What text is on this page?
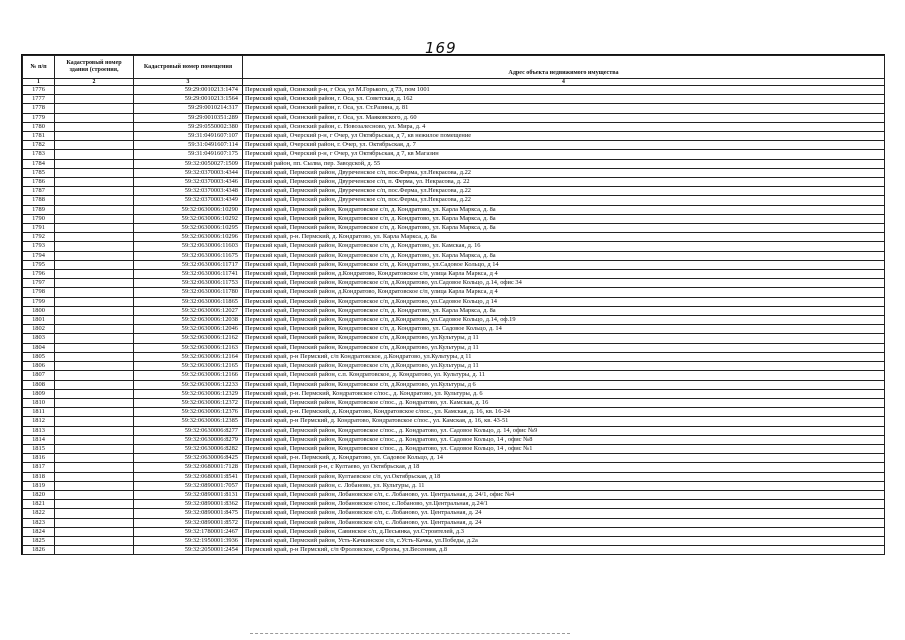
169
№ п/п	Кадастровый номер здания (строения,	Кадастровый номер помещения	Адрес объекта недвижимого имущества
1	2	3	4
1776		59:29:0010213:1474	Пермский край, Осинский р-н, г Оса, ул М.Горького, д 73, пом 1001
1777		59:29:0010213:1564	Пермский край, Осинский район, г. Оса, ул. Советская, д. 162
1778		59:29:0010214:317	Пермский край, Осинский район, г. Оса, ул. Ст.Разина, д. 81
1779		59:29:0010351:289	Пермский край, Осинский район, г. Оса, ул. Маяковского, д. 60
1780		59:29:0550002:380	Пермский край, Осинский район, с. Новозалесново, ул. Мира, д. 4
1781		59:31:0491607:107	Пермский край, Очерский р-н, г Очер, ул Октябрьская, д 7, кв нежилое помещение
1782		59:31:0491607:114	Пермский край, Очерский район, г. Очер, ул. Октябрьская, д. 7
1783		59:31:0491607:175	Пермский край, Очерский р-н, г Очер, ул Октябрьская, д 7, кв Магазин
1784		59:32:0050027:1509	Пермский район, пп. Сылва, пер. Заводской, д. 55
1785		59:32:0370003:4344	Пермский край, Пермский район, Двуреченское с/п, пос.Ферма, ул.Некрасова, д.22
1786		59:32:0370003:4346	Пермский край, Пермский район, Двуреченское с/п, п. Ферма, ул. Некрасова, д. 22
1787		59:32:0370003:4348	Пермский край, Пермский район, Двуреченское с/п, пос.Ферма, ул.Некрасова, д.22
1788		59:32:0370003:4349	Пермский край, Пермский район, Двуреченское с/п, пос.Ферма, ул.Некрасова, д.22
1789		59:32:0630006:10290	Пермский край, Пермский район, Кондратовское с/п, д. Кондратово, ул. Карла Маркса, д. 8а
1790		59:32:0630006:10292	Пермский край, Пермский район, Кондратовское с/п, д. Кондратово, ул. Карла Маркса, д. 8а
1791		59:32:0630006:10295	Пермский край, Пермский район, Кондратовское с/п, д. Кондратово, ул. Карла Маркса, д. 8а
1792		59:32:0630006:10296	Пермский край, р-н. Пермский, д. Кондратово, ул. Карла Маркса, д. 8а
1793		59:32:0630006:11603	Пермский край, Пермский район, Кондратовское с/п, д. Кондратово, ул. Камская, д. 16
1794		59:32:0630006:11675	Пермский край, Пермский район, Кондратовское с/п, д. Кондратово, ул. Карла Маркса, д. 8а
1795		59:32:0630006:11717	Пермский край, Пермский район, Кондратовское с/п, д. Кондратово, ул.Садовое Кольцо, д 14
1796		59:32:0630006:11741	Пермский край, Пермский район, д.Кондратово, Кондратовское с/п, улица Карла Маркса, д 4
1797		59:32:0630006:11753	Пермский край, Пермский район, Кондратовское с/п, д.Кондратово, ул.Садовое Кольцо, д.14, офис 34
1798		59:32:0630006:11780	Пермский край, Пермский район, д.Кондратово, Кондратовское с/п, улица Карла Маркса, д 4
1799		59:32:0630006:11865	Пермский край, Пермский район, Кондратовское с/п, д.Кондратово, ул.Садовое Кольцо, д 14
1800		59:32:0630006:12027	Пермский край, Пермский район, Кондратовское с/п, д. Кондратово, ул. Карла Маркса, д. 8а
1801		59:32:0630006:12038	Пермский край, Пермский район, Кондратовское с/п, д.Кондратово, ул.Садовое Кольцо, д.14, оф.19
1802		59:32:0630006:12046	Пермский край, Пермский район, Кондратовское с/п, д. Кондратово, ул. Садовое Кольцо, д. 14
1803		59:32:0630006:12162	Пермский край, Пермский район, Кондратовское с/п, д.Кондратово, ул.Культуры, д 11
1804		59:32:0630006:12163	Пермский край, Пермский район, Кондратовское с/п, д.Кондратово, ул.Культуры, д 11
1805		59:32:0630006:12164	Пермский край, р-н Пермский, с/п Кондратовское, д.Кондратово, ул.Культуры, д 11
1806		59:32:0630006:12165	Пермский край, Пермский район, Кондратовское с/п, д.Кондратово, ул.Культуры, д 11
1807		59:32:0630006:12166	Пермский край, Пермский район, с.п. Кондратовское, д. Кондратово, ул. Культуры, д. 11
1808		59:32:0630006:12233	Пермский край, Пермский район, Кондратовское с/п, д.Кондратово, ул.Культуры, д 6
1809		59:32:0630006:12329	Пермский край, р-н. Пермский, Кондратовское с/пос., д. Кондратово, ул. Культуры, д. 6
1810		59:32:0630006:12372	Пермский край, Пермский район, Кондратовское с/пос., д. Кондратово, ул. Камская, д. 16
1811		59:32:0630006:12376	Пермский край, р-н. Пермский, д. Кондратово, Кондратовское с/пос., ул. Камская, д. 16, кв. 16-24
1812		59:32:0630006:12385	Пермский край, р-н Пермский, д. Кондратово, Кондратовское с/пос., ул. Камская, д. 16, кв. 43-51
1813		59:32:0630006:8277	Пермский край, Пермский район, Кондратовское с/пос., д. Кондратово, ул. Садовое Кольцо, д. 14, офис №9
1814		59:32:0630006:8279	Пермский край, Пермский район, Кондратовское с/пос., д. Кондратово, ул. Садовое Кольцо, 14 , офис №8
1815		59:32:0630006:8282	Пермский край, Пермский район, Кондратовское с/пос., д. Кондратово, ул. Садовое Кольцо, 14 , офис №1
1816		59:32:0630006:8425	Пермский край, р-н. Пермский, д. Кондратово, ул. Садовое Кольцо, д. 14
1817		59:32:0680001:7128	Пермский край, Пермский р-н, с Култаево, ул Октябрьская, д 18
1818		59:32:0680001:8541	Пермский край, Пермский район, Култаевское с/п, ул.Октябрьская, д 18
1819		59:32:0890001:7057	Пермский край, Пермский район, с. Лобаново, ул. Культуры, д. 11
1820		59:32:0890001:8131	Пермский край, Пермский район, Лобановское с/п, с. Лобаново, ул. Центральная, д. 24/1, офис №4
1821		59:32:0890001:8362	Пермский край, Пермский район, Лобановское с/пос, с.Лобаново, ул.Центральная, д.24/1
1822		59:32:0890001:8475	Пермский край, Пермский район, Лобановское с/п, с. Лобаново, ул. Центральная, д. 24
1823		59:32:0890001:8572	Пермский край, Пермский район, Лобановское с/п, с. Лобаново, ул. Центральная, д. 24
1824		59:32:1780001:2467	Пермский край, Пермский район, Савинское с/п, д.Песьянка, ул.Строителей, д.3
1825		59:32:1950001:3936	Пермский край, Пермский район, Усть-Качкинское с/п, с.Усть-Качка, ул.Победы, д.2а
1826		59:32:2050001:2454	Пермский край, р-н Пермский, с/п Фроловское, с.Фролы, ул.Весенняя, д.8
